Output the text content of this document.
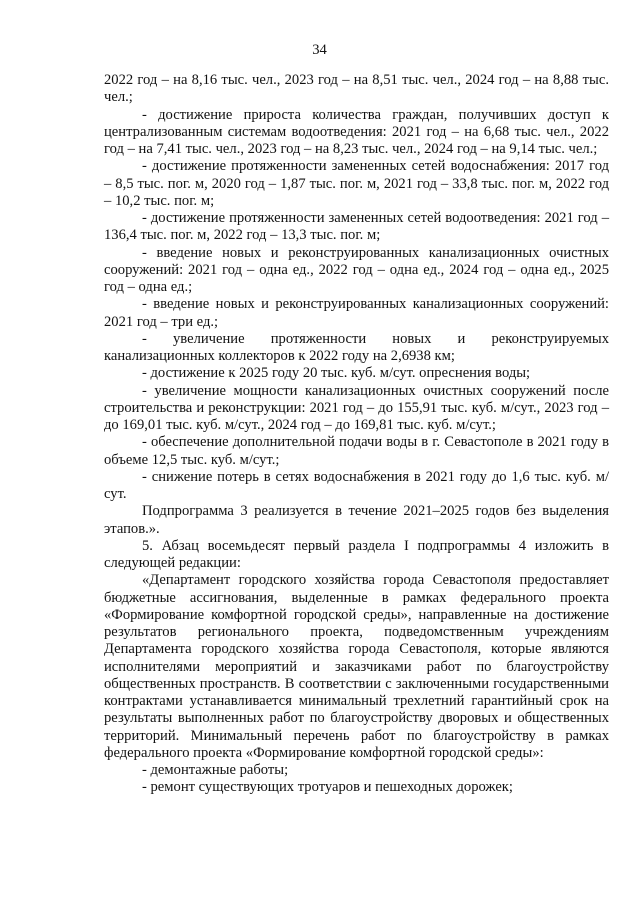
34

2022 год – на 8,16 тыс. чел., 2023 год – на 8,51 тыс. чел., 2024 год – на 8,88 тыс. чел.;

- достижение прироста количества граждан, получивших доступ к централизованным системам водоотведения: 2021 год – на 6,68 тыс. чел., 2022 год – на 7,41 тыс. чел., 2023 год – на 8,23 тыс. чел., 2024 год – на 9,14 тыс. чел.;

- достижение протяженности замененных сетей водоснабжения: 2017 год – 8,5 тыс. пог. м, 2020 год – 1,87 тыс. пог. м, 2021 год – 33,8 тыс. пог. м, 2022 год – 10,2 тыс. пог. м;

- достижение протяженности замененных сетей водоотведения: 2021 год – 136,4 тыс. пог. м, 2022 год – 13,3 тыс. пог. м;

- введение новых и реконструированных канализационных очистных сооружений: 2021 год – одна ед., 2022 год – одна ед., 2024 год – одна ед., 2025 год – одна ед.;

- введение новых и реконструированных канализационных сооружений: 2021 год – три ед.;

- увеличение протяженности новых и реконструируемых канализационных коллекторов к 2022 году на 2,6938 км;

- достижение к 2025 году 20 тыс. куб. м/сут. опреснения воды;

- увеличение мощности канализационных очистных сооружений после строительства и реконструкции: 2021 год – до 155,91 тыс. куб. м/сут., 2023 год – до 169,01 тыс. куб. м/сут., 2024 год – до 169,81 тыс. куб. м/сут.;

- обеспечение дополнительной подачи воды в г. Севастополе в 2021 году в объеме 12,5 тыс. куб. м/сут.;

- снижение потерь в сетях водоснабжения в 2021 году до 1,6 тыс. куб. м/сут.

Подпрограмма 3 реализуется в течение 2021–2025 годов без выделения этапов.».

5. Абзац восемьдесят первый раздела I подпрограммы 4 изложить в следующей редакции:

«Департамент городского хозяйства города Севастополя предоставляет бюджетные ассигнования, выделенные в рамках федерального проекта «Формирование комфортной городской среды», направленные на достижение результатов регионального проекта, подведомственным учреждениям Департамента городского хозяйства города Севастополя, которые являются исполнителями мероприятий и заказчиками работ по благоустройству общественных пространств. В соответствии с заключенными государственными контрактами устанавливается минимальный трехлетний гарантийный срок на результаты выполненных работ по благоустройству дворовых и общественных территорий. Минимальный перечень работ по благоустройству в рамках федерального проекта «Формирование комфортной городской среды»:

- демонтажные работы;

- ремонт существующих тротуаров и пешеходных дорожек;
